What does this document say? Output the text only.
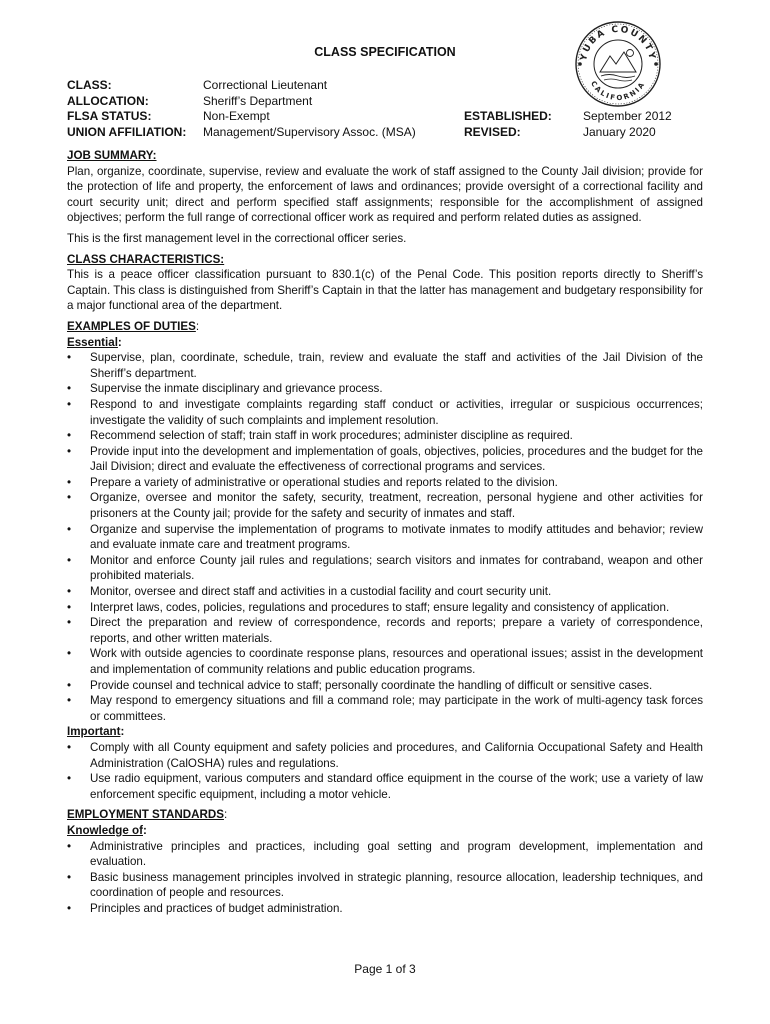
CLASS SPECIFICATION	YUBA COUNTY
CALIFORNIA
CLASS:
ALLOCATION:
FLSA STATUS:
UNION AFFILIATION:
Correctional Lieutenant
Sheriff’s Department
Non-Exempt
Management/Supervisory Assoc. (MSA)
ESTABLISHED:
REVISED:
September 2012
January 2020

JOB SUMMARY:

Plan, organize, coordinate, supervise, review and evaluate the work of staff assigned to the County Jail division; provide for the protection of life and property, the enforcement of laws and ordinances; provide oversight of a correctional facility and court security unit; direct and perform specified staff assignments; responsible for the accomplishment of assigned objectives; perform the full range of correctional officer work as required and perform related duties as assigned.

This is the first management level in the correctional officer series.

CLASS CHARACTERISTICS:

This is a peace officer classification pursuant to 830.1(c) of the Penal Code. This position reports directly to Sheriff’s Captain. This class is distinguished from Sheriff’s Captain in that the latter has management and budgetary responsibility for a major functional area of the department.

EXAMPLES OF DUTIES:

Essential:

• Supervise, plan, coordinate, schedule, train, review and evaluate the staff and activities of the Jail Division of the Sheriff’s department.
• Supervise the inmate disciplinary and grievance process.
• Respond to and investigate complaints regarding staff conduct or activities, irregular or suspicious occurrences; investigate the validity of such complaints and implement resolution.
• Recommend selection of staff; train staff in work procedures; administer discipline as required.
• Provide input into the development and implementation of goals, objectives, policies, procedures and the budget for the Jail Division; direct and evaluate the effectiveness of correctional programs and services.
• Prepare a variety of administrative or operational studies and reports related to the division.
• Organize, oversee and monitor the safety, security, treatment, recreation, personal hygiene and other activities for prisoners at the County jail; provide for the safety and security of inmates and staff.
• Organize and supervise the implementation of programs to motivate inmates to modify attitudes and behavior; review and evaluate inmate care and treatment programs.
• Monitor and enforce County jail rules and regulations; search visitors and inmates for contraband, weapon and other prohibited materials.
• Monitor, oversee and direct staff and activities in a custodial facility and court security unit.
• Interpret laws, codes, policies, regulations and procedures to staff; ensure legality and consistency of application.
• Direct the preparation and review of correspondence, records and reports; prepare a variety of correspondence, reports, and other written materials.
• Work with outside agencies to coordinate response plans, resources and operational issues; assist in the development and implementation of community relations and public education programs.
• Provide counsel and technical advice to staff; personally coordinate the handling of difficult or sensitive cases.
• May respond to emergency situations and fill a command role; may participate in the work of multi-agency task forces or committees.

Important:

• Comply with all County equipment and safety policies and procedures, and California Occupational Safety and Health Administration (CalOSHA) rules and regulations.
• Use radio equipment, various computers and standard office equipment in the course of the work; use a variety of law enforcement specific equipment, including a motor vehicle.

EMPLOYMENT STANDARDS:

Knowledge of:

• Administrative principles and practices, including goal setting and program development, implementation and evaluation.
• Basic business management principles involved in strategic planning, resource allocation, leadership techniques, and coordination of people and resources.
• Principles and practices of budget administration.
Page 1 of 3
